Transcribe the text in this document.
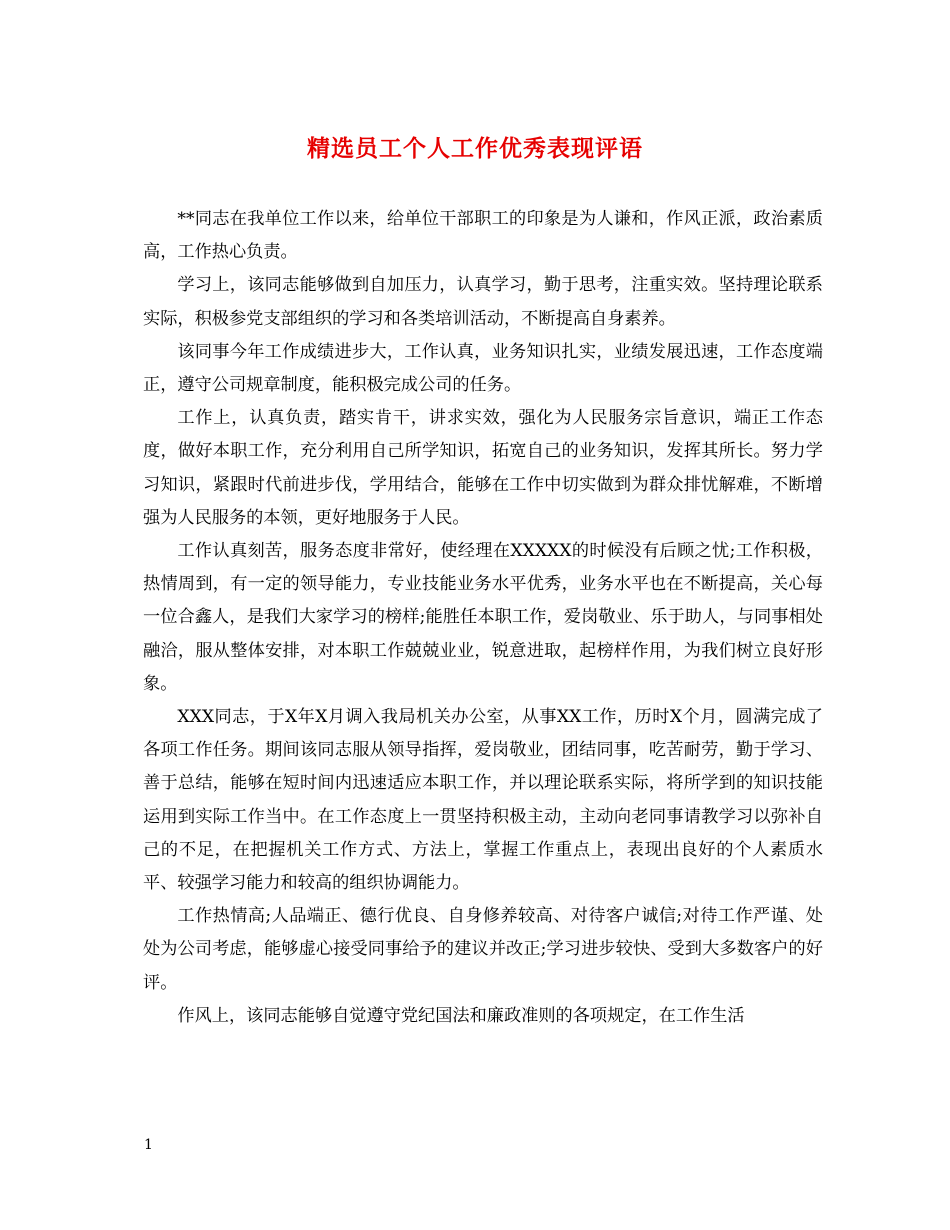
精选员工个人工作优秀表现评语

**同志在我单位工作以来，给单位干部职工的印象是为人谦和，作风正派，政治素质高，工作热心负责。

学习上，该同志能够做到自加压力，认真学习，勤于思考，注重实效。坚持理论联系实际，积极参党支部组织的学习和各类培训活动，不断提高自身素养。

该同事今年工作成绩进步大，工作认真，业务知识扎实，业绩发展迅速，工作态度端正，遵守公司规章制度，能积极完成公司的任务。

工作上，认真负责，踏实肯干，讲求实效，强化为人民服务宗旨意识，端正工作态度，做好本职工作，充分利用自己所学知识，拓宽自己的业务知识，发挥其所长。努力学习知识，紧跟时代前进步伐，学用结合，能够在工作中切实做到为群众排忧解难，不断增强为人民服务的本领，更好地服务于人民。

工作认真刻苦，服务态度非常好，使经理在XXXXX的时候没有后顾之忧;工作积极，热情周到，有一定的领导能力，专业技能业务水平优秀，业务水平也在不断提高，关心每一位合鑫人，是我们大家学习的榜样;能胜任本职工作，爱岗敬业、乐于助人，与同事相处融洽，服从整体安排，对本职工作兢兢业业，锐意进取，起榜样作用，为我们树立良好形象。

XXX同志，于X年X月调入我局机关办公室，从事XX工作，历时X个月，圆满完成了各项工作任务。期间该同志服从领导指挥，爱岗敬业，团结同事，吃苦耐劳，勤于学习、善于总结，能够在短时间内迅速适应本职工作，并以理论联系实际，将所学到的知识技能运用到实际工作当中。在工作态度上一贯坚持积极主动，主动向老同事请教学习以弥补自己的不足，在把握机关工作方式、方法上，掌握工作重点上，表现出良好的个人素质水平、较强学习能力和较高的组织协调能力。

工作热情高;人品端正、德行优良、自身修养较高、对待客户诚信;对待工作严谨、处处为公司考虑，能够虚心接受同事给予的建议并改正;学习进步较快、受到大多数客户的好评。

作风上，该同志能够自觉遵守党纪国法和廉政准则的各项规定，在工作生活

1
